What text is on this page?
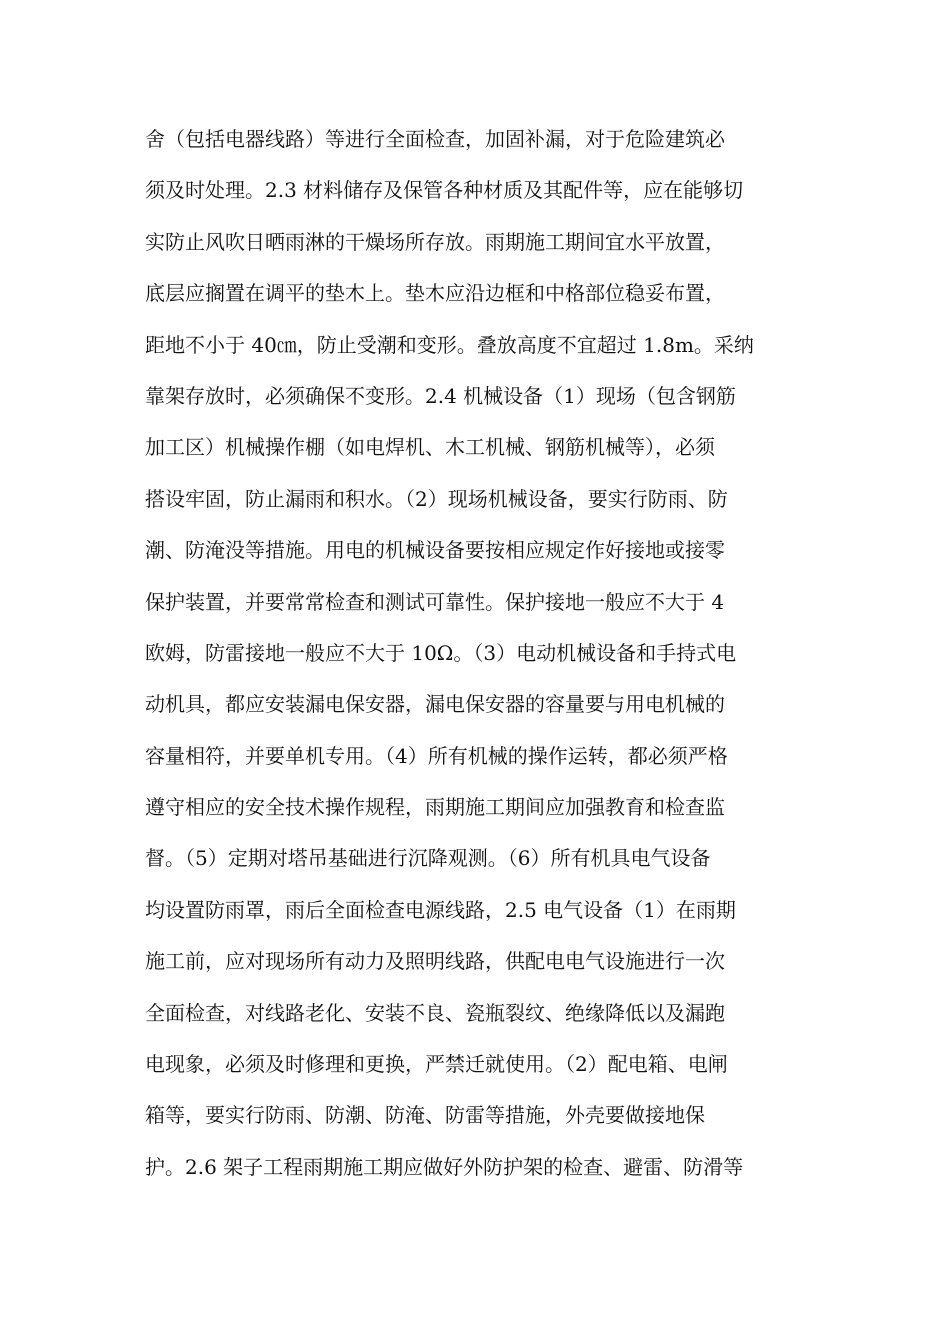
舍（包括电器线路）等进行全面检查，加固补漏，对于危险建筑必
须及时处理。2.3 材料储存及保管各种材质及其配件等，应在能够切
实防止风吹日晒雨淋的干燥场所存放。雨期施工期间宜水平放置，
底层应搁置在调平的垫木上。垫木应沿边框和中格部位稳妥布置，
距地不小于 40㎝，防止受潮和变形。叠放高度不宜超过 1.8m。采纳
靠架存放时，必须确保不变形。2.4 机械设备（1）现场（包含钢筋
加工区）机械操作棚（如电焊机、木工机械、钢筋机械等），必须
搭设牢固，防止漏雨和积水。（2）现场机械设备，要实行防雨、防
潮、防淹没等措施。用电的机械设备要按相应规定作好接地或接零
保护装置，并要常常检查和测试可靠性。保护接地一般应不大于 4
欧姆，防雷接地一般应不大于 10Ω。（3）电动机械设备和手持式电
动机具，都应安装漏电保安器，漏电保安器的容量要与用电机械的
容量相符，并要单机专用。（4）所有机械的操作运转，都必须严格
遵守相应的安全技术操作规程，雨期施工期间应加强教育和检查监
督。（5）定期对塔吊基础进行沉降观测。（6）所有机具电气设备
均设置防雨罩，雨后全面检查电源线路，2.5 电气设备（1）在雨期
施工前，应对现场所有动力及照明线路，供配电电气设施进行一次
全面检查，对线路老化、安装不良、瓷瓶裂纹、绝缘降低以及漏跑
电现象，必须及时修理和更换，严禁迁就使用。（2）配电箱、电闸
箱等，要实行防雨、防潮、防淹、防雷等措施，外壳要做接地保
护。2.6 架子工程雨期施工期应做好外防护架的检查、避雷、防滑等
